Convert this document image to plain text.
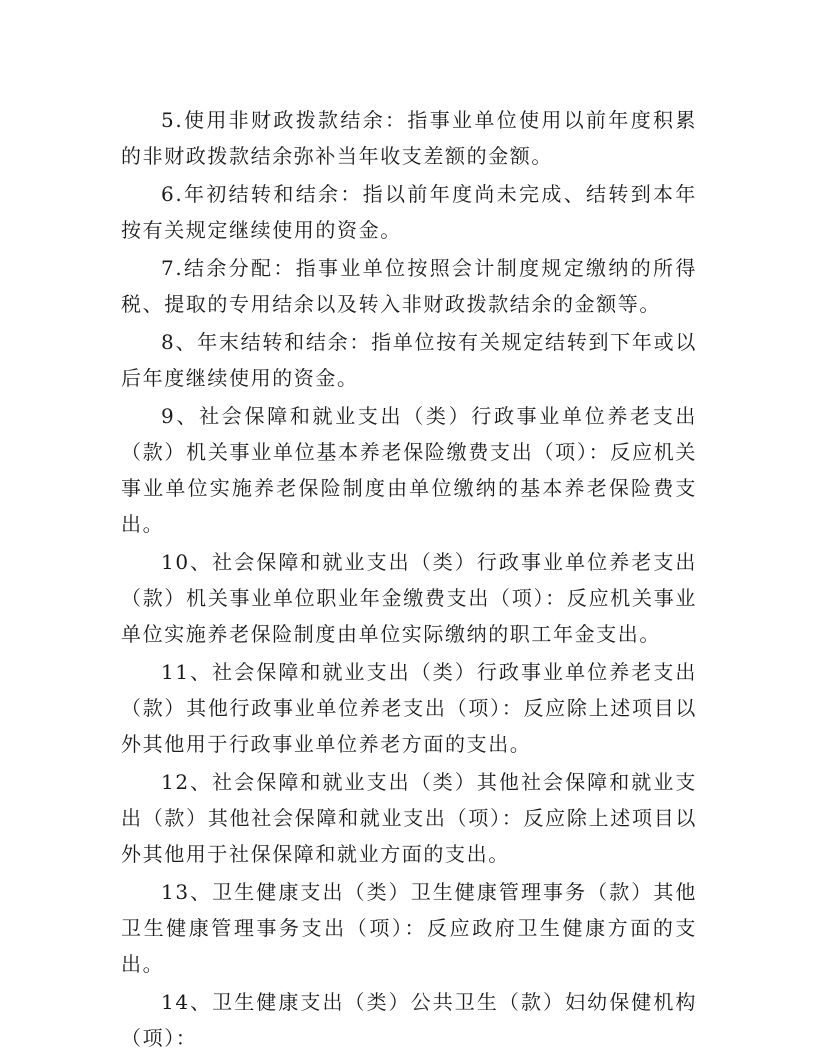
5.使用非财政拨款结余：指事业单位使用以前年度积累的非财政拨款结余弥补当年收支差额的金额。

6.年初结转和结余：指以前年度尚未完成、结转到本年按有关规定继续使用的资金。

7.结余分配：指事业单位按照会计制度规定缴纳的所得税、提取的专用结余以及转入非财政拨款结余的金额等。

8、年末结转和结余：指单位按有关规定结转到下年或以后年度继续使用的资金。

9、社会保障和就业支出（类）行政事业单位养老支出（款）机关事业单位基本养老保险缴费支出（项）：反应机关事业单位实施养老保险制度由单位缴纳的基本养老保险费支出。

10、社会保障和就业支出（类）行政事业单位养老支出（款）机关事业单位职业年金缴费支出（项）：反应机关事业单位实施养老保险制度由单位实际缴纳的职工年金支出。

11、社会保障和就业支出（类）行政事业单位养老支出（款）其他行政事业单位养老支出（项）：反应除上述项目以外其他用于行政事业单位养老方面的支出。

12、社会保障和就业支出（类）其他社会保障和就业支出（款）其他社会保障和就业支出（项）：反应除上述项目以外其他用于社保保障和就业方面的支出。

13、卫生健康支出（类）卫生健康管理事务（款）其他卫生健康管理事务支出（项）：反应政府卫生健康方面的支出。

14、卫生健康支出（类）公共卫生（款）妇幼保健机构（项）：
